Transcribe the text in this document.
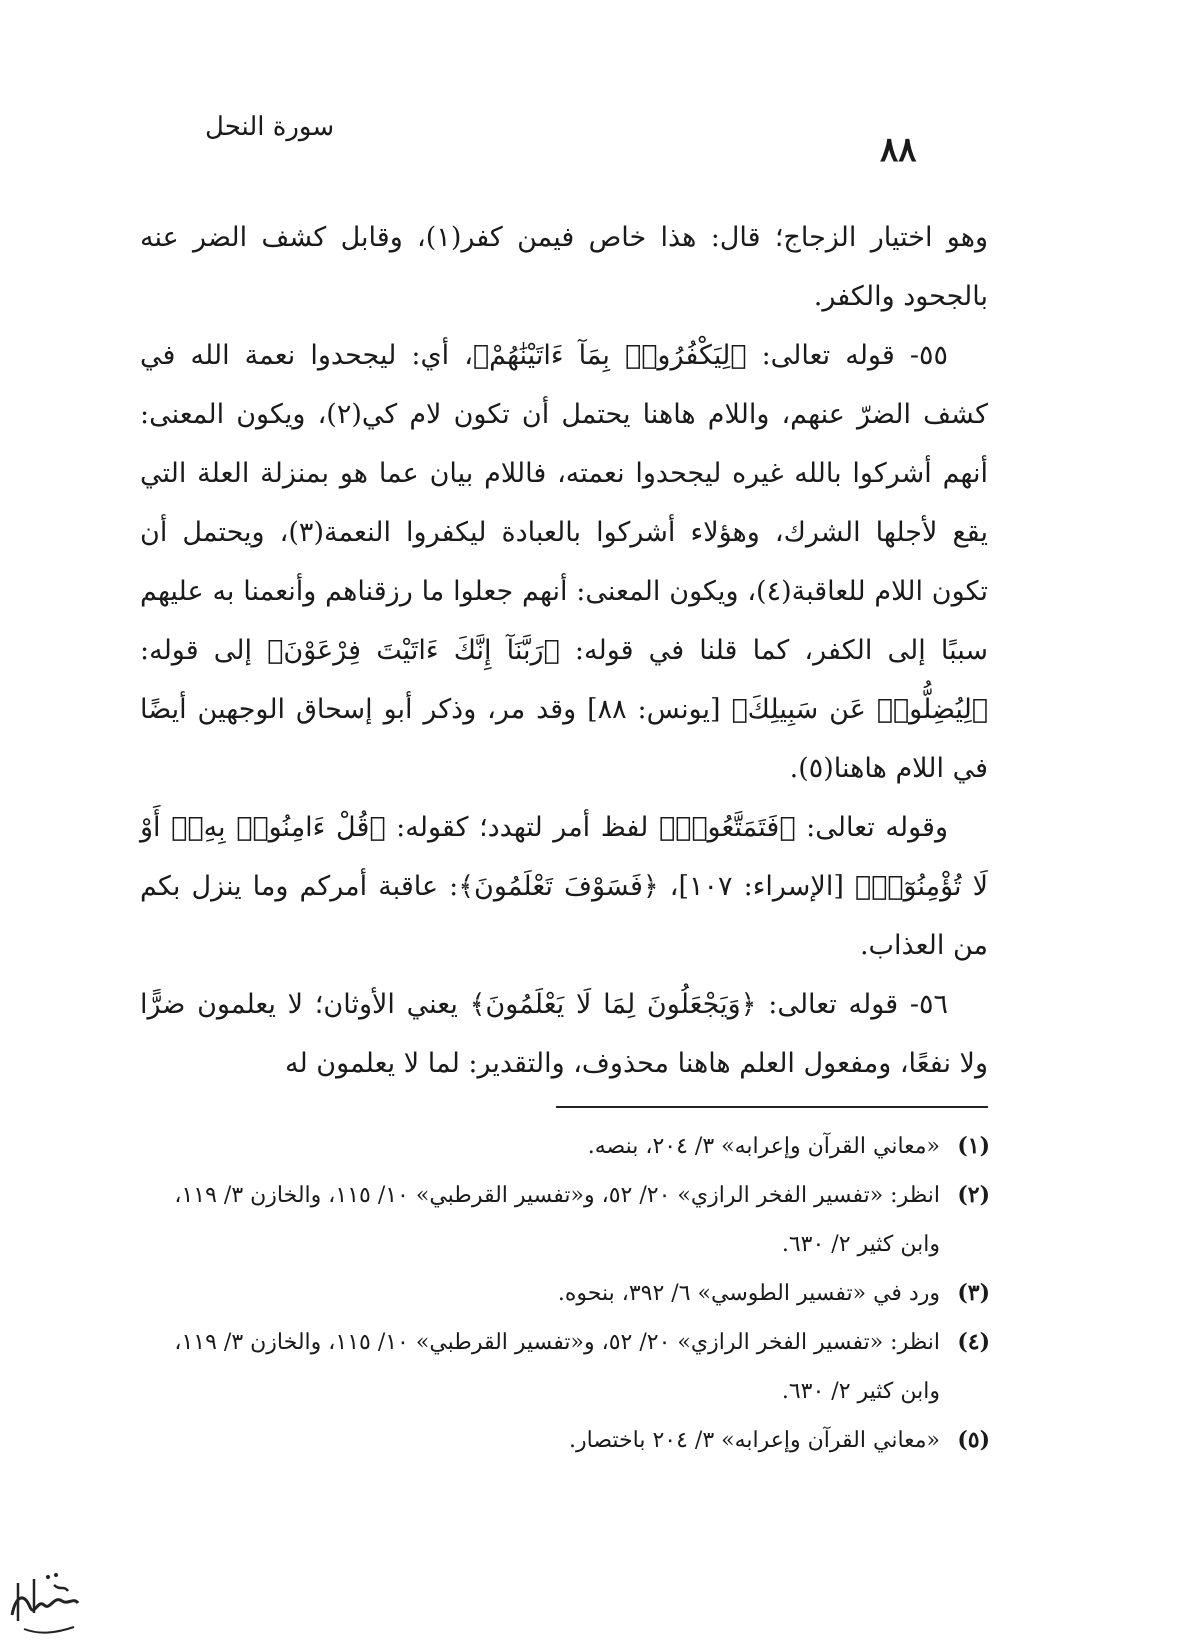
سورة النحل
٨٨

وهو اختيار الزجاج؛ قال: هذا خاص فيمن كفر(١)، وقابل كشف الضر عنه بالجحود والكفر.

٥٥- قوله تعالى: ﴿لِيَكْفُرُوا۟ بِمَآ ءَاتَيْنَٰهُمْ﴾، أي: ليجحدوا نعمة الله في كشف الضرّ عنهم، واللام هاهنا يحتمل أن تكون لام كي(٢)، ويكون المعنى: أنهم أشركوا بالله غيره ليجحدوا نعمته، فاللام بيان عما هو بمنزلة العلة التي يقع لأجلها الشرك، وهؤلاء أشركوا بالعبادة ليكفروا النعمة(٣)، ويحتمل أن تكون اللام للعاقبة(٤)، ويكون المعنى: أنهم جعلوا ما رزقناهم وأنعمنا به عليهم سببًا إلى الكفر، كما قلنا في قوله: ﴿رَبَّنَآ إِنَّكَ ءَاتَيْتَ فِرْعَوْنَ﴾ إلى قوله: ﴿لِيُضِلُّوا۟ عَن سَبِيلِكَ﴾ [يونس: ٨٨] وقد مر، وذكر أبو إسحاق الوجهين أيضًا في اللام هاهنا(٥).

وقوله تعالى: ﴿فَتَمَتَّعُوا۟﴾ لفظ أمر لتهدد؛ كقوله: ﴿قُلْ ءَامِنُوا۟ بِهِۦٓ أَوْ لَا تُؤْمِنُوٓا۟﴾ [الإسراء: ١٠٧]، ﴿فَسَوْفَ تَعْلَمُونَ﴾: عاقبة أمركم وما ينزل بكم من العذاب.

٥٦- قوله تعالى: ﴿وَيَجْعَلُونَ لِمَا لَا يَعْلَمُونَ﴾ يعني الأوثان؛ لا يعلمون ضرًّا ولا نفعًا، ومفعول العلم هاهنا محذوف، والتقدير: لما لا يعلمون له

(١)
«معاني القرآن وإعرابه» ٣/ ٢٠٤، بنصه.
(٢)
انظر: «تفسير الفخر الرازي» ٢٠/ ٥٢، و«تفسير القرطبي» ١٠/ ١١٥، والخازن ٣/ ١١٩، وابن كثير ٢/ ٦٣٠.
(٣)
ورد في «تفسير الطوسي» ٦/ ٣٩٢، بنحوه.
(٤)
انظر: «تفسير الفخر الرازي» ٢٠/ ٥٢، و«تفسير القرطبي» ١٠/ ١١٥، والخازن ٣/ ١١٩، وابن كثير ٢/ ٦٣٠.
(٥)
«معاني القرآن وإعرابه» ٣/ ٢٠٤ باختصار.
